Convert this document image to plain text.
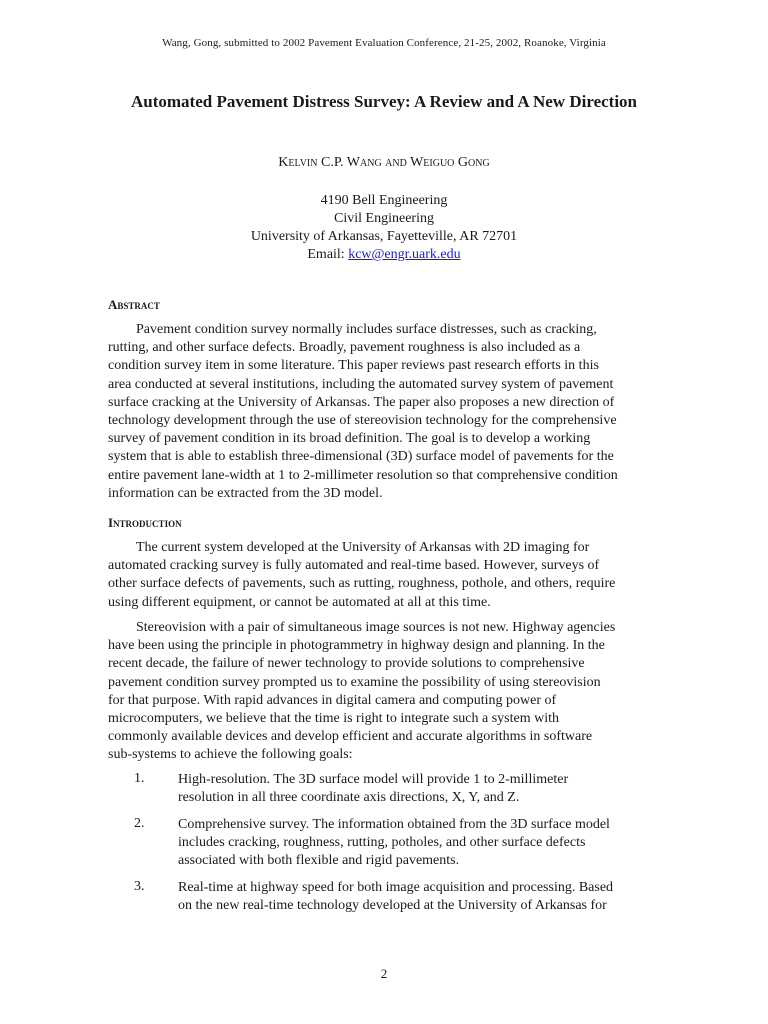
Wang, Gong, submitted to 2002 Pavement Evaluation Conference, 21-25, 2002, Roanoke, Virginia
Automated Pavement Distress Survey: A Review and A New Direction
Kelvin C.P. Wang and Weiguo Gong
4190 Bell Engineering
Civil Engineering
University of Arkansas, Fayetteville, AR 72701
Email: kcw@engr.uark.edu
Abstract
Pavement condition survey normally includes surface distresses, such as cracking,
rutting, and other surface defects. Broadly, pavement roughness is also included as a
condition survey item in some literature. This paper reviews past research efforts in this
area conducted at several institutions, including the automated survey system of pavement
surface cracking at the University of Arkansas. The paper also proposes a new direction of
technology development through the use of stereovision technology for the comprehensive
survey of pavement condition in its broad definition. The goal is to develop a working
system that is able to establish three-dimensional (3D) surface model of pavements for the
entire pavement lane-width at 1 to 2-millimeter resolution so that comprehensive condition
information can be extracted from the 3D model.
Introduction
The current system developed at the University of Arkansas with 2D imaging for
automated cracking survey is fully automated and real-time based. However, surveys of
other surface defects of pavements, such as rutting, roughness, pothole, and others, require
using different equipment, or cannot be automated at all at this time.
Stereovision with a pair of simultaneous image sources is not new. Highway agencies
have been using the principle in photogrammetry in highway design and planning. In the
recent decade, the failure of newer technology to provide solutions to comprehensive
pavement condition survey prompted us to examine the possibility of using stereovision
for that purpose. With rapid advances in digital camera and computing power of
microcomputers, we believe that the time is right to integrate such a system with
commonly available devices and develop efficient and accurate algorithms in software
sub-systems to achieve the following goals:
1. High-resolution. The 3D surface model will provide 1 to 2-millimeter
resolution in all three coordinate axis directions, X, Y, and Z.
2. Comprehensive survey. The information obtained from the 3D surface model
includes cracking, roughness, rutting, potholes, and other surface defects
associated with both flexible and rigid pavements.
3. Real-time at highway speed for both image acquisition and processing. Based
on the new real-time technology developed at the University of Arkansas for
2
